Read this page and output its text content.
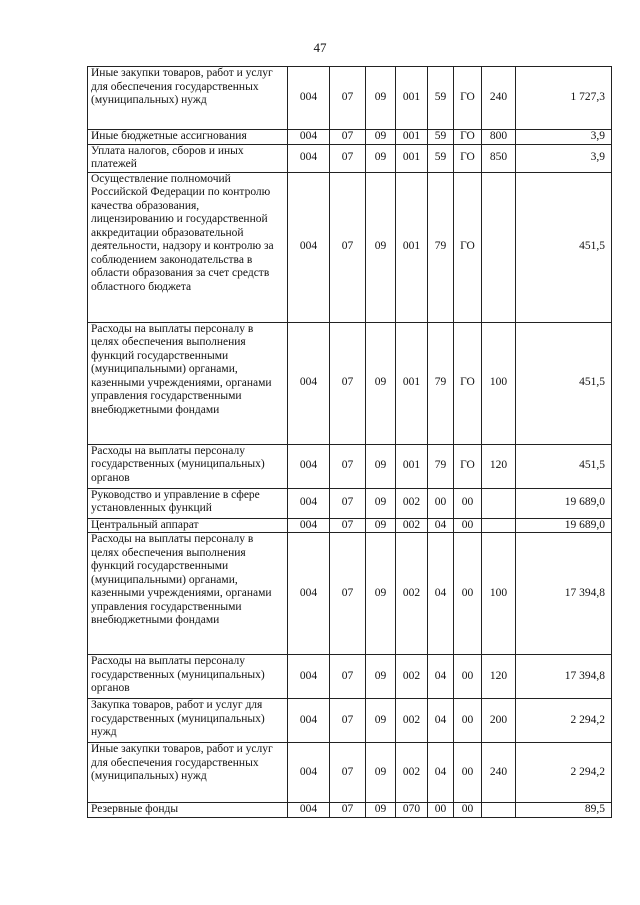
47
Иные закупки товаров, работ и услуг для обеспечения государственных (муниципальных) нужд	004	07	09	001	59	ГО	240	1 727,3
Иные бюджетные ассигнования	004	07	09	001	59	ГО	800	3,9
Уплата налогов, сборов и иных платежей	004	07	09	001	59	ГО	850	3,9
Осуществление полномочий Российской Федерации по контролю качества образования, лицензированию и государственной аккредитации образовательной деятельности, надзору и контролю за соблюдением законодательства в области образования за счет средств областного бюджета	004	07	09	001	79	ГО		451,5
Расходы на выплаты персоналу в целях обеспечения выполнения функций государственными (муниципальными) органами, казенными учреждениями, органами управления государственными внебюджетными фондами	004	07	09	001	79	ГО	100	451,5
Расходы на выплаты персоналу государственных (муниципальных) органов	004	07	09	001	79	ГО	120	451,5
Руководство и управление в сфере установленных функций	004	07	09	002	00	00		19 689,0
Центральный аппарат	004	07	09	002	04	00		19 689,0
Расходы на выплаты персоналу в целях обеспечения выполнения функций государственными (муниципальными) органами, казенными учреждениями, органами управления государственными внебюджетными фондами	004	07	09	002	04	00	100	17 394,8
Расходы на выплаты персоналу государственных (муниципальных) органов	004	07	09	002	04	00	120	17 394,8
Закупка товаров, работ и услуг для государственных (муниципальных) нужд	004	07	09	002	04	00	200	2 294,2
Иные закупки товаров, работ и услуг для обеспечения государственных (муниципальных) нужд	004	07	09	002	04	00	240	2 294,2
Резервные фонды	004	07	09	070	00	00		89,5
